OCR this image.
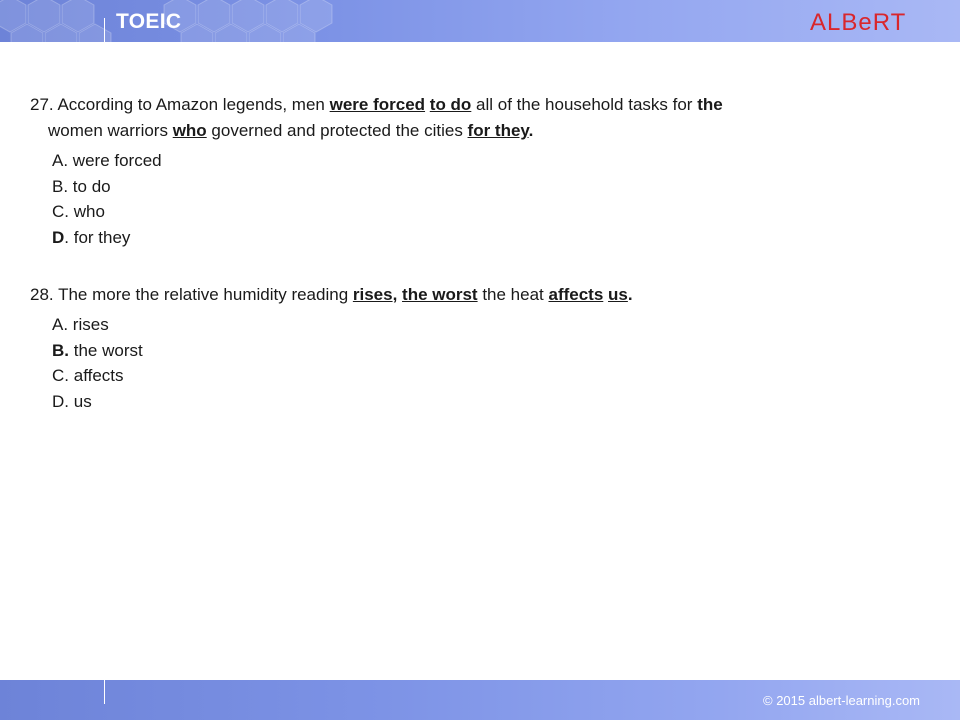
TOEIC	ALBeRT
27. According to Amazon legends, men were forced to do all of the household tasks for the
women warriors who governed and protected the cities for they.
A. were forced
B. to do
C. who
D. for they
28. The more the relative humidity reading rises, the worst the heat affects us.
A. rises
B. the worst
C. affects
D. us
© 2015 albert-learning.com
